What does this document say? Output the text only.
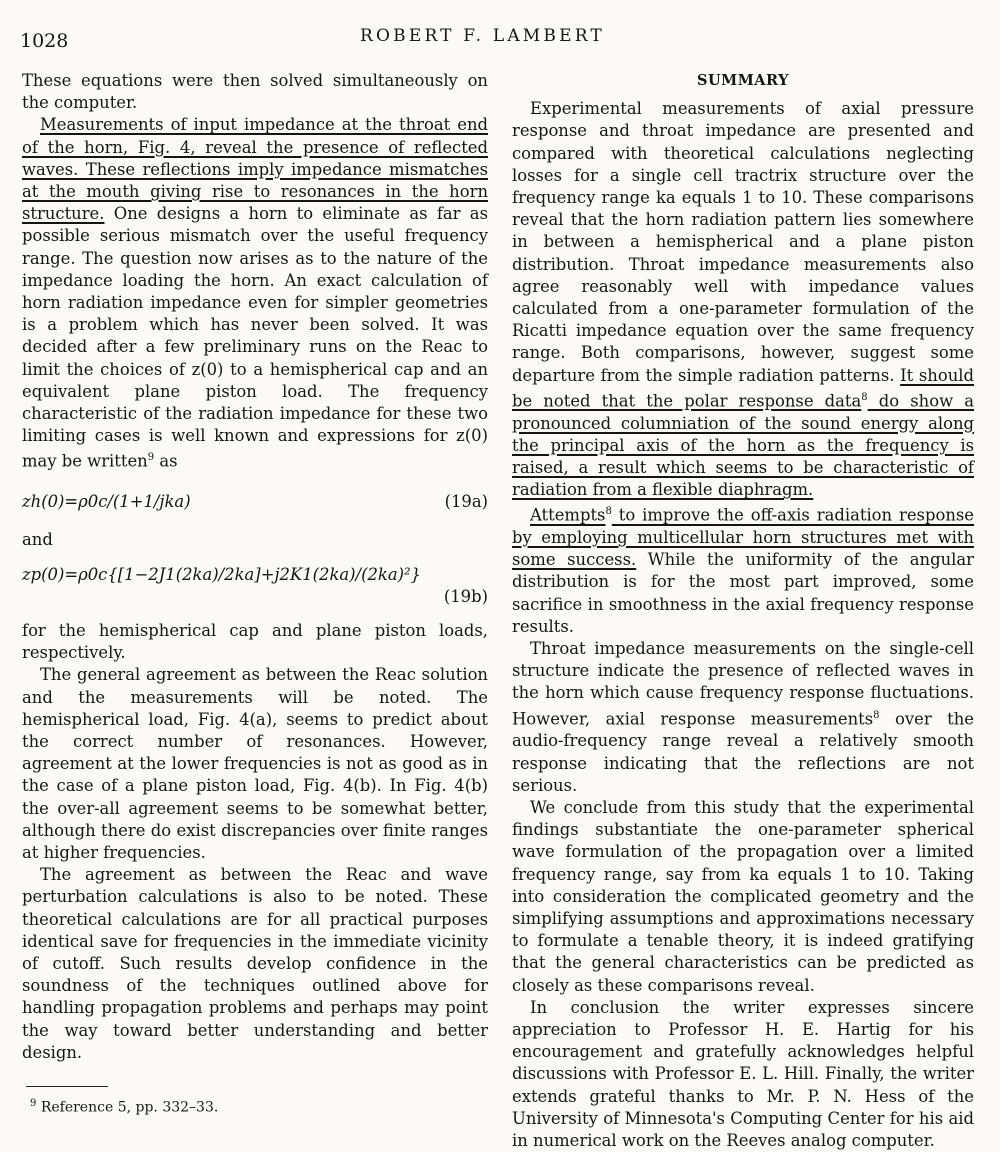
1028	ROBERT F. LAMBERT

These equations were then solved simultaneously on the computer.

Measurements of input impedance at the throat end of the horn, Fig. 4, reveal the presence of reflected waves. These reflections imply impedance mismatches at the mouth giving rise to resonances in the horn structure. One designs a horn to eliminate as far as possible serious mismatch over the useful frequency range. The question now arises as to the nature of the impedance loading the horn. An exact calculation of horn radiation impedance even for simpler geometries is a problem which has never been solved. It was decided after a few preliminary runs on the Reac to limit the choices of z(0) to a hemispherical cap and an equivalent plane piston load. The frequency characteristic of the radiation impedance for these two limiting cases is well known and expressions for z(0) may be written$^9$ as

zh(0)=ρ0c/(1+1/jka)	(19a)
and
zp(0)=ρ0c{[1−2J1(2ka)/2ka]+j2K1(2ka)/(2ka)²}
(19b)

for the hemispherical cap and plane piston loads, respectively.

The general agreement as between the Reac solution and the measurements will be noted. The hemispherical load, Fig. 4(a), seems to predict about the correct number of resonances. However, agreement at the lower frequencies is not as good as in the case of a plane piston load, Fig. 4(b). In Fig. 4(b) the over-all agreement seems to be somewhat better, although there do exist discrepancies over finite ranges at higher frequencies.

The agreement as between the Reac and wave perturbation calculations is also to be noted. These theoretical calculations are for all practical purposes identical save for frequencies in the immediate vicinity of cutoff. Such results develop confidence in the soundness of the techniques outlined above for handling propagation problems and perhaps may point the way toward better understanding and better design.

$^9$ Reference 5, pp. 332–33.
SUMMARY

Experimental measurements of axial pressure response and throat impedance are presented and compared with theoretical calculations neglecting losses for a single cell tractrix structure over the frequency range ka equals 1 to 10. These comparisons reveal that the horn radiation pattern lies somewhere in between a hemispherical and a plane piston distribution. Throat impedance measurements also agree reasonably well with impedance values calculated from a one-parameter formulation of the Ricatti impedance equation over the same frequency range. Both comparisons, however, suggest some departure from the simple radiation patterns. It should be noted that the polar response data$^8$ do show a pronounced columniation of the sound energy along the principal axis of the horn as the frequency is raised, a result which seems to be characteristic of radiation from a flexible diaphragm.

Attempts$^8$ to improve the off-axis radiation response by employing multicellular horn structures met with some success. While the uniformity of the angular distribution is for the most part improved, some sacrifice in smoothness in the axial frequency response results.

Throat impedance measurements on the single-cell structure indicate the presence of reflected waves in the horn which cause frequency response fluctuations. However, axial response measurements$^8$ over the audio-frequency range reveal a relatively smooth response indicating that the reflections are not serious.

We conclude from this study that the experimental findings substantiate the one-parameter spherical wave formulation of the propagation over a limited frequency range, say from ka equals 1 to 10. Taking into consideration the complicated geometry and the simplifying assumptions and approximations necessary to formulate a tenable theory, it is indeed gratifying that the general characteristics can be predicted as closely as these comparisons reveal.

In conclusion the writer expresses sincere appreciation to Professor H. E. Hartig for his encouragement and gratefully acknowledges helpful discussions with Professor E. L. Hill. Finally, the writer extends grateful thanks to Mr. P. N. Hess of the University of Minnesota's Computing Center for his aid in numerical work on the Reeves analog computer.
